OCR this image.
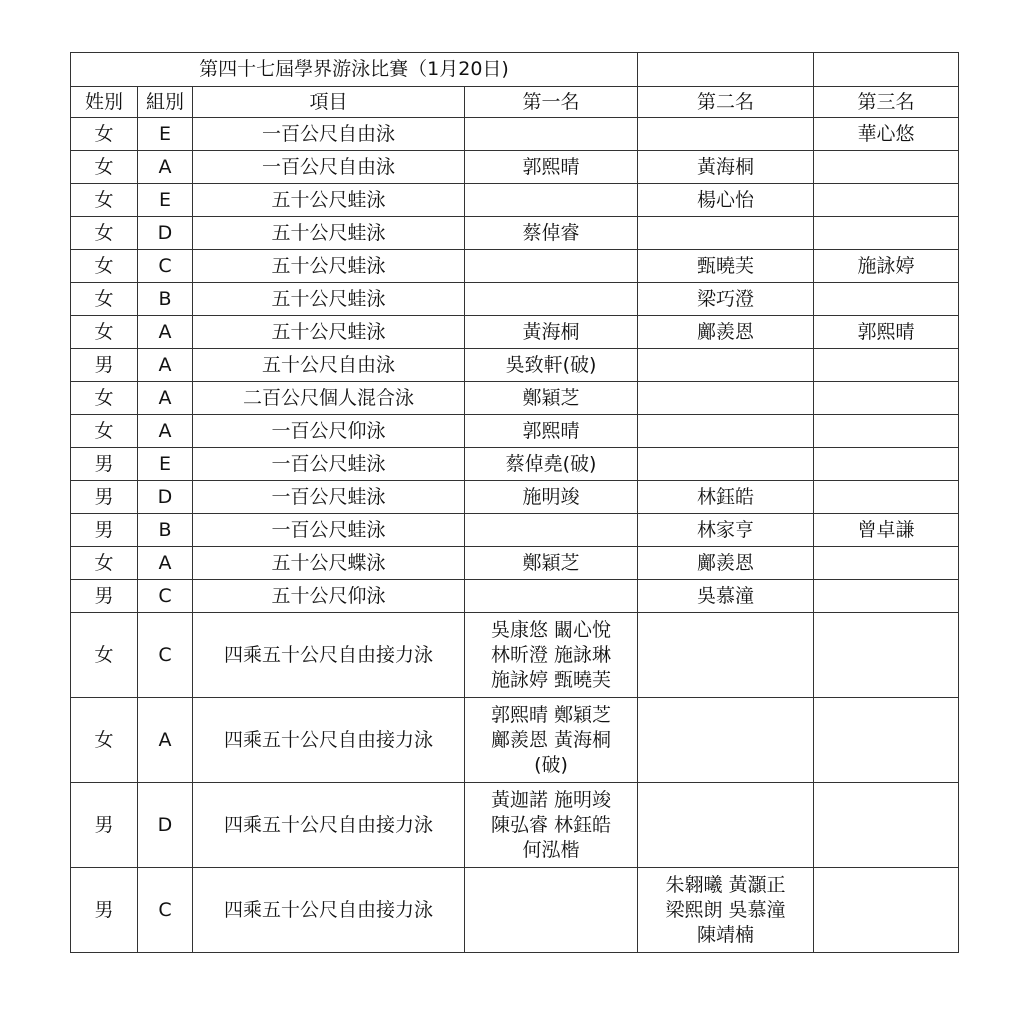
第四十七屆學界游泳比賽（1月20日)					
姓別	組別	項目	第一名	第二名	第三名
女	E	一百公尺自由泳			華心悠
女	A	一百公尺自由泳	郭熙晴	黃海桐	
女	E	五十公尺蛙泳		楊心怡	
女	D	五十公尺蛙泳	蔡倬睿		
女	C	五十公尺蛙泳		甄曉芙	施詠婷
女	B	五十公尺蛙泳		梁巧澄	
女	A	五十公尺蛙泳	黃海桐	鄺羨恩	郭熙晴
男	A	五十公尺自由泳	吳致軒(破)		
女	A	二百公尺個人混合泳	鄭穎芝		
女	A	一百公尺仰泳	郭熙晴		
男	E	一百公尺蛙泳	蔡倬堯(破)		
男	D	一百公尺蛙泳	施明竣	林鈺皓	
男	B	一百公尺蛙泳		林家亨	曾卓謙
女	A	五十公尺蝶泳	鄭穎芝	鄺羨恩	
男	C	五十公尺仰泳		吳慕潼	
女	C	四乘五十公尺自由接力泳	吳康悠 闞心悅
林昕澄 施詠琳
施詠婷 甄曉芙		
女	A	四乘五十公尺自由接力泳	郭熙晴 鄭穎芝
鄺羨恩 黃海桐
(破)		
男	D	四乘五十公尺自由接力泳	黃迦諾 施明竣
陳弘睿 林鈺皓
何泓楷		
男	C	四乘五十公尺自由接力泳		朱翱曦 黃灝正
梁熙朗 吳慕潼
陳靖楠	
